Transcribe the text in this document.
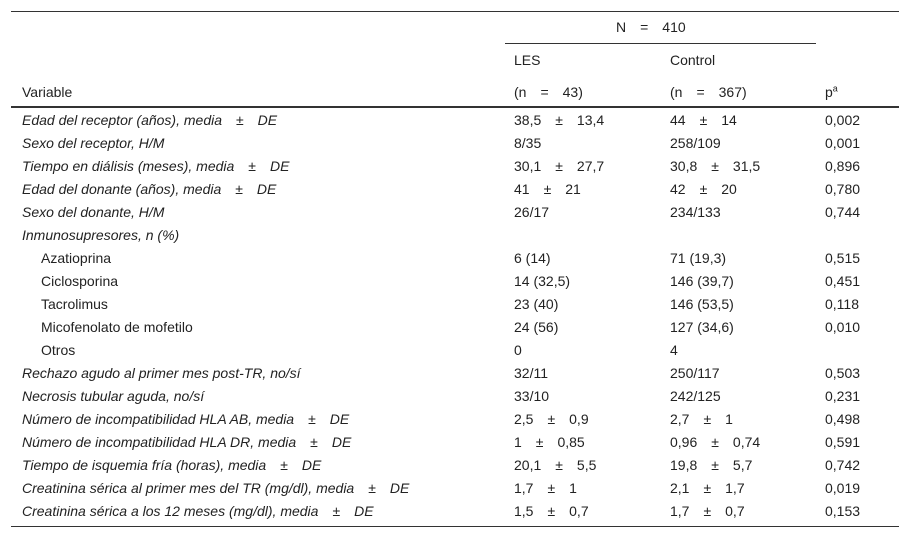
N = 410
LES	Control
Variable	(n = 43)	(n = 367)	$p^a$
Edad del receptor (años), media ± DE	38,5 ± 13,4	44 ± 14	0,002
Sexo del receptor, H/M	8/35	258/109	0,001
Tiempo en diálisis (meses), media ± DE	30,1 ± 27,7	30,8 ± 31,5	0,896
Edad del donante (años), media ± DE	41 ± 21	42 ± 20	0,780
Sexo del donante, H/M	26/17	234/133	0,744
Inmunosupresores, n (%)
Azatioprina	6 (14)	71 (19,3)	0,515
Ciclosporina	14 (32,5)	146 (39,7)	0,451
Tacrolimus	23 (40)	146 (53,5)	0,118
Micofenolato de mofetilo	24 (56)	127 (34,6)	0,010
Otros	0	4
Rechazo agudo al primer mes post-TR, no/sí	32/11	250/117	0,503
Necrosis tubular aguda, no/sí	33/10	242/125	0,231
Número de incompatibilidad HLA AB, media ± DE	2,5 ± 0,9	2,7 ± 1	0,498
Número de incompatibilidad HLA DR, media ± DE	1 ± 0,85	0,96 ± 0,74	0,591
Tiempo de isquemia fría (horas), media ± DE	20,1 ± 5,5	19,8 ± 5,7	0,742
Creatinina sérica al primer mes del TR (mg/dl), media ± DE	1,7 ± 1	2,1 ± 1,7	0,019
Creatinina sérica a los 12 meses (mg/dl), media ± DE	1,5 ± 0,7	1,7 ± 0,7	0,153
